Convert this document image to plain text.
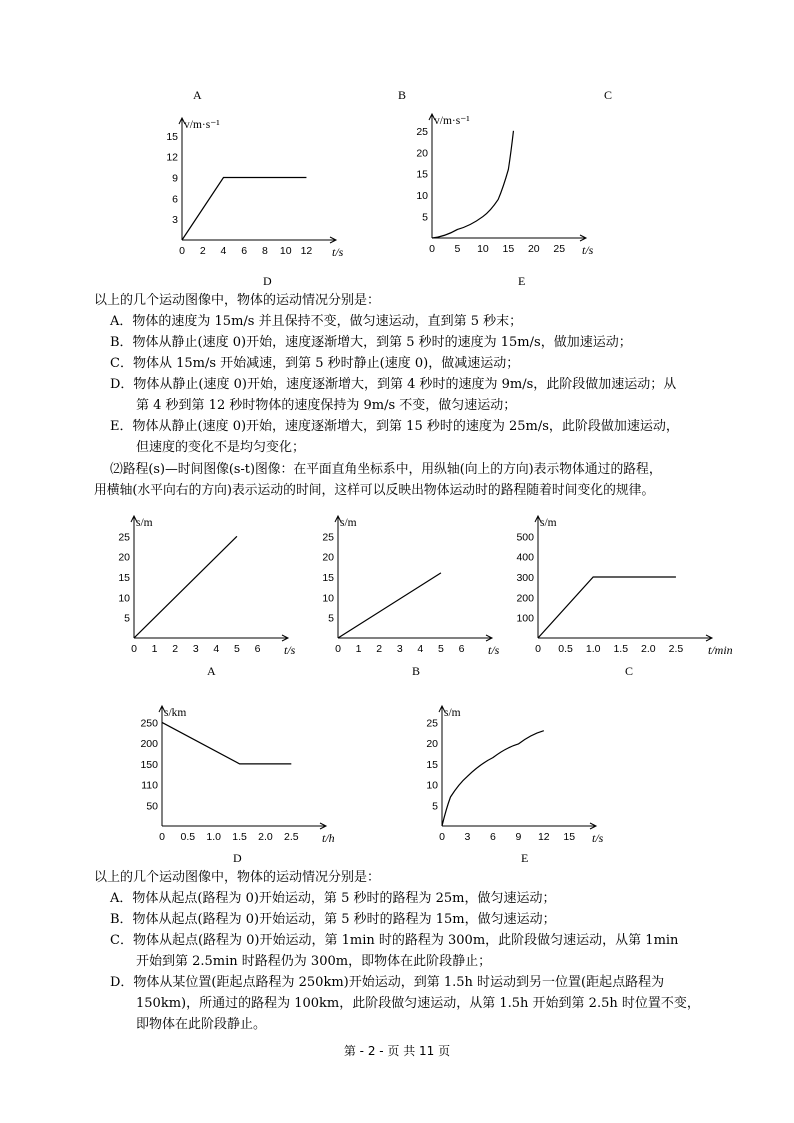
A	B	C
0 2 4 6 8 10 12
3
6
9
12
15
t/s
v/m·s⁻¹
0 5 10 15 20 25
5
10
15
20
25
t/s
v/m·s⁻¹
D	E
以上的几个运动图像中，物体的运动情况分别是：
A．物体的速度为 15m/s 并且保持不变，做匀速运动，直到第 5 秒末；
B．物体从静止(速度 0)开始，速度逐渐增大，到第 5 秒时的速度为 15m/s，做加速运动；
C．物体从 15m/s 开始减速，到第 5 秒时静止(速度 0)，做减速运动；
D．物体从静止(速度 0)开始，速度逐渐增大，到第 4 秒时的速度为 9m/s，此阶段做加速运动；从
第 4 秒到第 12 秒时物体的速度保持为 9m/s 不变，做匀速运动；
E．物体从静止(速度 0)开始，速度逐渐增大，到第 15 秒时的速度为 25m/s，此阶段做加速运动，
但速度的变化不是均匀变化；
⑵路程(s)—时间图像(s-t)图像：在平面直角坐标系中，用纵轴(向上的方向)表示物体通过的路程，
用横轴(水平向右的方向)表示运动的时间，这样可以反映出物体运动时的路程随着时间变化的规律。
0 1 2 3 4 5 6
5
10
15
20
25
t/s
s/m
0 1 2 3 4 5 6
5
10
15
20
25
t/s
s/m
0 0.5 1.0 1.5 2.0 2.5
100
200
300
400
500
t/min
s/m
A	B	C
0 0.5 1.0 1.5 2.0 2.5
50
110
150
200
250
t/h
s/km
0 3 6 9 12 15
5
10
15
20
25
t/s
s/m
D	E
以上的几个运动图像中，物体的运动情况分别是：
A．物体从起点(路程为 0)开始运动，第 5 秒时的路程为 25m，做匀速运动；
B．物体从起点(路程为 0)开始运动，第 5 秒时的路程为 15m，做匀速运动；
C．物体从起点(路程为 0)开始运动，第 1min 时的路程为 300m，此阶段做匀速运动，从第 1min
开始到第 2.5min 时路程仍为 300m，即物体在此阶段静止；
D．物体从某位置(距起点路程为 250km)开始运动，到第 1.5h 时运动到另一位置(距起点路程为
150km)，所通过的路程为 100km，此阶段做匀速运动，从第 1.5h 开始到第 2.5h 时位置不变，
即物体在此阶段静止。
第 - 2 - 页 共 11 页
